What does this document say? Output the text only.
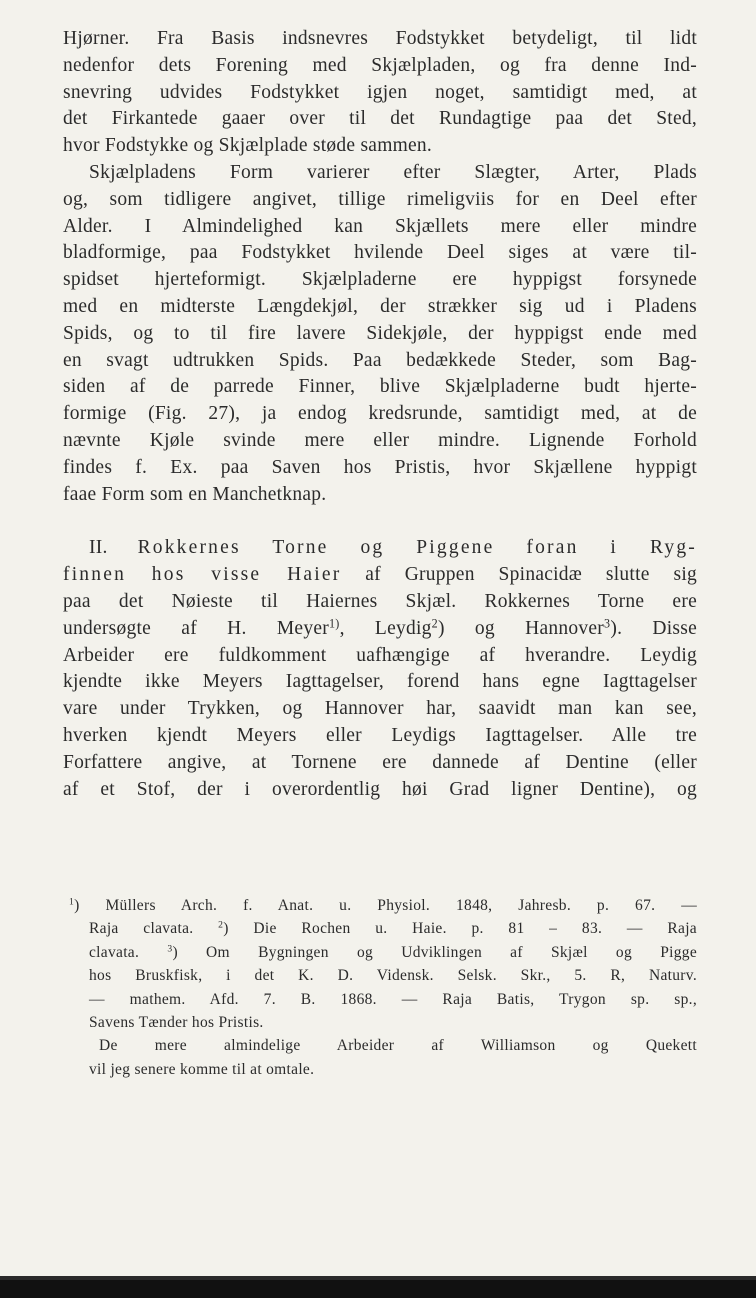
Hjørner. Fra Basis indsnevres Fodstykket betydeligt, til lidt
nedenfor dets Forening med Skjælpladen, og fra denne Ind-
snevring udvides Fodstykket igjen noget, samtidigt med, at
det Firkantede gaaer over til det Rundagtige paa det Sted,
hvor Fodstykke og Skjælplade støde sammen.
Skjælpladens Form varierer efter Slægter, Arter, Plads
og, som tidligere angivet, tillige rimeligviis for en Deel efter
Alder. I Almindelighed kan Skjællets mere eller mindre
bladformige, paa Fodstykket hvilende Deel siges at være til-
spidset hjerteformigt. Skjælpladerne ere hyppigst forsynede
med en midterste Længdekjøl, der strækker sig ud i Pladens
Spids, og to til fire lavere Sidekjøle, der hyppigst ende med
en svagt udtrukken Spids. Paa bedækkede Steder, som Bag-
siden af de parrede Finner, blive Skjælpladerne budt hjerte-
formige (Fig. 27), ja endog kredsrunde, samtidigt med, at de
nævnte Kjøle svinde mere eller mindre. Lignende Forhold
findes f. Ex. paa Saven hos Pristis, hvor Skjællene hyppigt
faae Form som en Manchetknap.
II. Rokkernes Torne og Piggene foran i Ryg-
finnen hos visse Haier af Gruppen Spinacidæ slutte sig
paa det Nøieste til Haiernes Skjæl. Rokkernes Torne ere
undersøgte af H. Meyer$^{1)}$, Leydig$^2$) og Hannover$^3$). Disse
Arbeider ere fuldkomment uafhængige af hverandre. Leydig
kjendte ikke Meyers Iagttagelser, forend hans egne Iagttagelser
vare under Trykken, og Hannover har, saavidt man kan see,
hverken kjendt Meyers eller Leydigs Iagttagelser. Alle tre
Forfattere angive, at Tornene ere dannede af Dentine (eller
af et Stof, der i overordentlig høi Grad ligner Dentine), og
$^1$) Müllers Arch. f. Anat. u. Physiol. 1848, Jahresb. p. 67. —
Raja clavata. $^2$) Die Rochen u. Haie. p. 81 – 83. — Raja
clavata. $^3$) Om Bygningen og Udviklingen af Skjæl og Pigge
hos Bruskfisk, i det K. D. Vidensk. Selsk. Skr., 5. R, Naturv.
— mathem. Afd. 7. B. 1868. — Raja Batis, Trygon sp. sp.,
Savens Tænder hos Pristis.
De mere almindelige Arbeider af Williamson og Quekett
vil jeg senere komme til at omtale.
